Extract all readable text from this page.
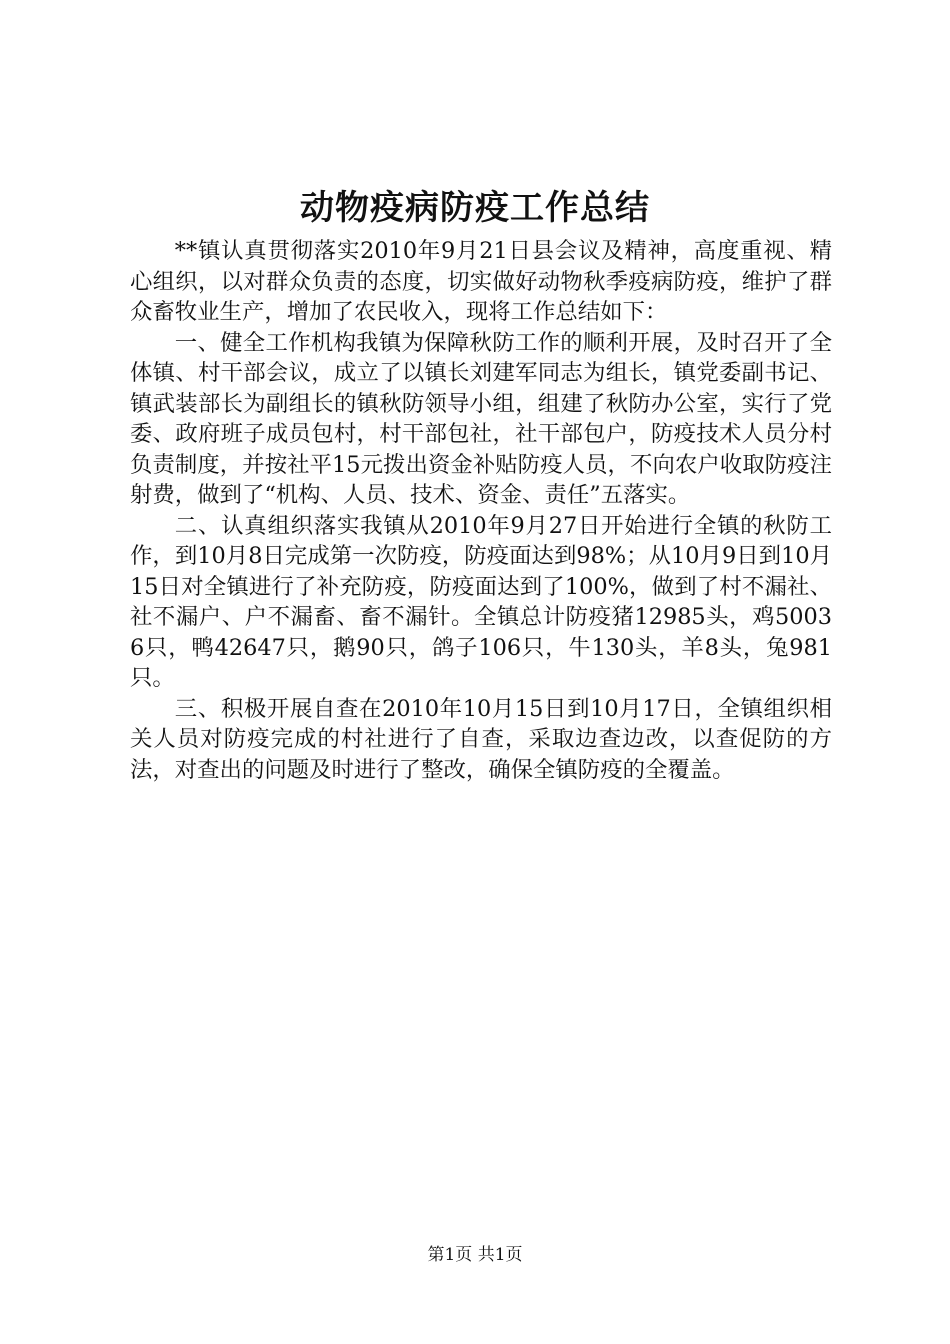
动物疫病防疫工作总结

**镇认真贯彻落实2010年9月21日县会议及精神，高度重视、精心组织，以对群众负责的态度，切实做好动物秋季疫病防疫，维护了群众畜牧业生产，增加了农民收入，现将工作总结如下：

一、健全工作机构我镇为保障秋防工作的顺利开展，及时召开了全体镇、村干部会议，成立了以镇长刘建军同志为组长，镇党委副书记、镇武装部长为副组长的镇秋防领导小组，组建了秋防办公室，实行了党委、政府班子成员包村，村干部包社，社干部包户，防疫技术人员分村负责制度，并按社平15元拨出资金补贴防疫人员，不向农户收取防疫注射费，做到了“机构、人员、技术、资金、责任”五落实。

二、认真组织落实我镇从2010年9月27日开始进行全镇的秋防工作，到10月8日完成第一次防疫，防疫面达到98%；从10月9日到10月15日对全镇进行了补充防疫，防疫面达到了100%，做到了村不漏社、社不漏户、户不漏畜、畜不漏针。全镇总计防疫猪12985头，鸡50036只，鸭42647只，鹅90只，鸽子106只，牛130头，羊8头，兔981只。

三、积极开展自查在2010年10月15日到10月17日，全镇组织相关人员对防疫完成的村社进行了自查，采取边查边改，以查促防的方法，对查出的问题及时进行了整改，确保全镇防疫的全覆盖。

第1页 共1页
